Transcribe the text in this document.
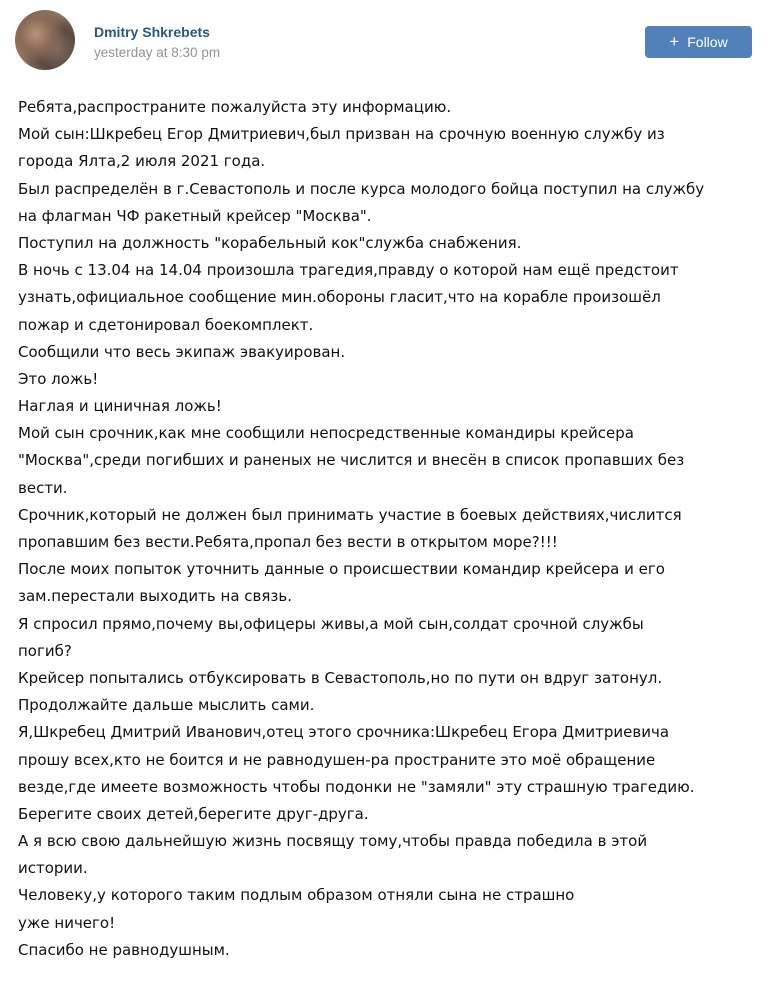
Dmitry Shkrebets
yesterday at 8:30 pm
+ Follow
Ребята,распространите пожалуйста эту информацию.
Мой сын:Шкребец Егор Дмитриевич,был призван на срочную военную службу из
города Ялта,2 июля 2021 года.
Был распределён в г.Севастополь и после курса молодого бойца поступил на службу
на флагман ЧФ ракетный крейсер "Москва".
Поступил на должность "корабельный кок"служба снабжения.
В ночь с 13.04 на 14.04 произошла трагедия,правду о которой нам ещё предстоит
узнать,официальное сообщение мин.обороны гласит,что на корабле произошёл
пожар и сдетонировал боекомплект.
Сообщили что весь экипаж эвакуирован.
Это ложь!
Наглая и циничная ложь!
Мой сын срочник,как мне сообщили непосредственные командиры крейсера
"Москва",среди погибших и раненых не числится и внесён в список пропавших без
вести.
Срочник,который не должен был принимать участие в боевых действиях,числится
пропавшим без вести.Ребята,пропал без вести в открытом море?!!!
После моих попыток уточнить данные о происшествии командир крейсера и его
зам.перестали выходить на связь.
Я спросил прямо,почему вы,офицеры живы,а мой сын,солдат срочной службы
погиб?
Крейсер попытались отбуксировать в Севастополь,но по пути он вдруг затонул.
Продолжайте дальше мыслить сами.
Я,Шкребец Дмитрий Иванович,отец этого срочника:Шкребец Егора Дмитриевича
прошу всех,кто не боится и не равнодушен-ра пространите это моё обращение
везде,где имеете возможность чтобы подонки не "замяли" эту страшную трагедию.
Берегите своих детей,берегите друг-друга.
А я всю свою дальнейшую жизнь посвящу тому,чтобы правда победила в этой
истории.
Человеку,у которого таким подлым образом отняли сына не страшно
уже ничего!
Спасибо не равнодушным.
